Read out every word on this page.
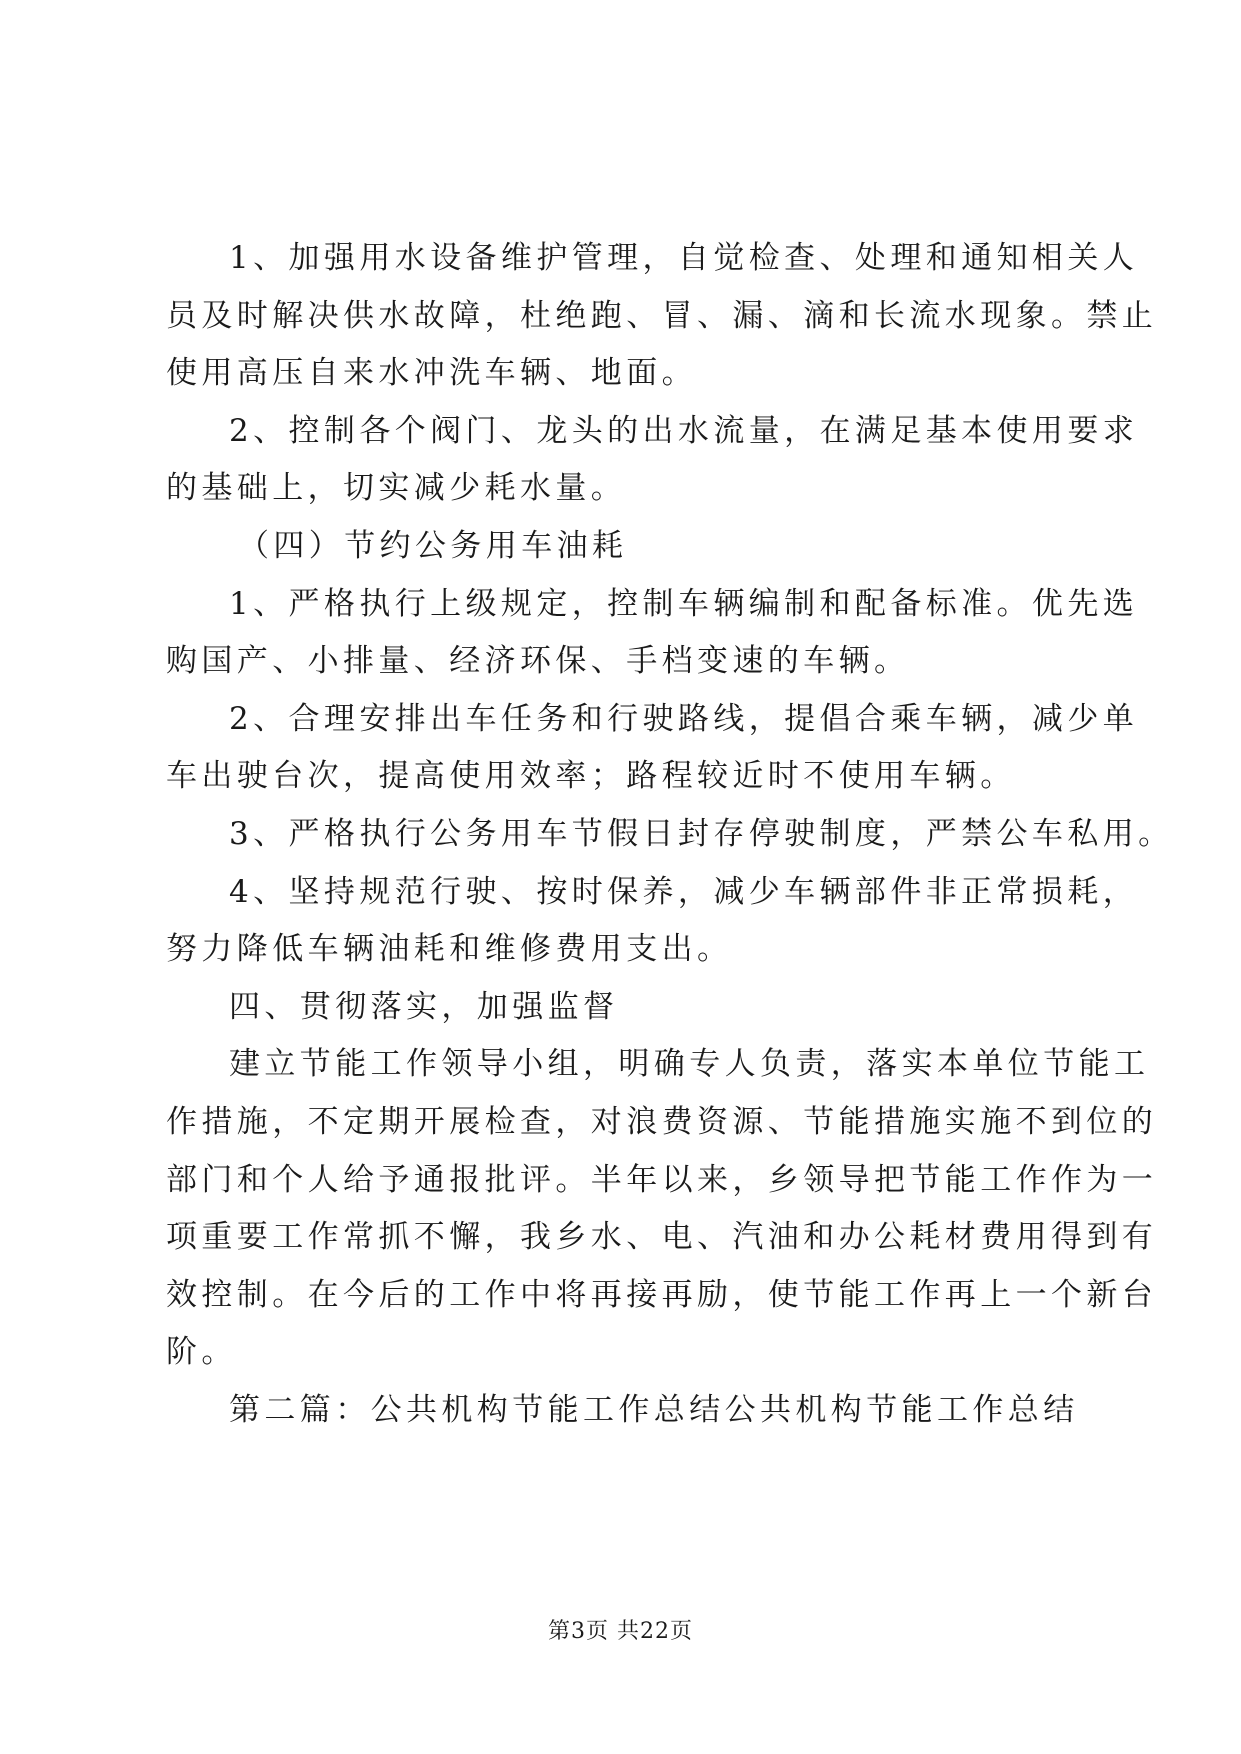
1、加强用水设备维护管理，自觉检查、处理和通知相关人
员及时解决供水故障，杜绝跑、冒、漏、滴和长流水现象。禁止
使用高压自来水冲洗车辆、地面。

2、控制各个阀门、龙头的出水流量，在满足基本使用要求
的基础上，切实减少耗水量。

（四）节约公务用车油耗

1、严格执行上级规定，控制车辆编制和配备标准。优先选
购国产、小排量、经济环保、手档变速的车辆。

2、合理安排出车任务和行驶路线，提倡合乘车辆，减少单
车出驶台次，提高使用效率；路程较近时不使用车辆。

3、严格执行公务用车节假日封存停驶制度，严禁公车私用。

4、坚持规范行驶、按时保养，减少车辆部件非正常损耗，
努力降低车辆油耗和维修费用支出。

四、贯彻落实，加强监督

建立节能工作领导小组，明确专人负责，落实本单位节能工
作措施，不定期开展检查，对浪费资源、节能措施实施不到位的
部门和个人给予通报批评。半年以来，乡领导把节能工作作为一
项重要工作常抓不懈，我乡水、电、汽油和办公耗材费用得到有
效控制。在今后的工作中将再接再励，使节能工作再上一个新台
阶。

第二篇：公共机构节能工作总结公共机构节能工作总结

第3页 共22页
